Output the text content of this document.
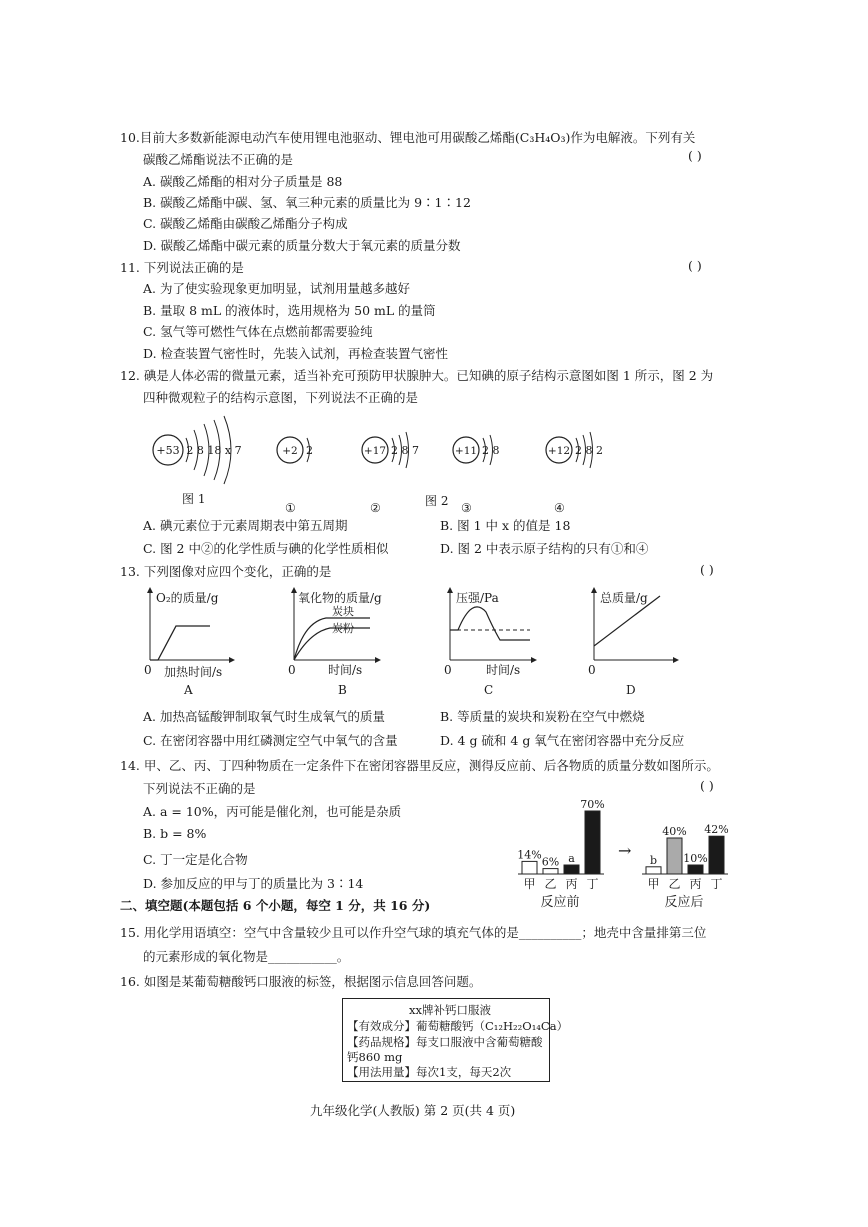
10.目前大多数新能源电动汽车使用锂电池驱动、锂电池可用碳酸乙烯酯(C₃H₄O₃)作为电解液。下列有关
碳酸乙烯酯说法不正确的是	( )
A. 碳酸乙烯酯的相对分子质量是 88
B. 碳酸乙烯酯中碳、氢、氧三种元素的质量比为 9∶1∶12
C. 碳酸乙烯酯由碳酸乙烯酯分子构成
D. 碳酸乙烯酯中碳元素的质量分数大于氧元素的质量分数
11. 下列说法正确的是	( )
A. 为了使实验现象更加明显，试剂用量越多越好
B. 量取 8 mL 的液体时，选用规格为 50 mL 的量筒
C. 氢气等可燃性气体在点燃前都需要验纯
D. 检查装置气密性时，先装入试剂，再检查装置气密性
12. 碘是人体必需的微量元素，适当补充可预防甲状腺肿大。已知碘的原子结构示意图如图 1 所示，图 2 为
四种微观粒子的结构示意图，下列说法不正确的是
+53 2 8 18 x 7
图 1	图 2
+2 2
①
+17 2 8 7
②
+11 2 8
③
+12 2 8 2
④
A. 碘元素位于元素周期表中第五周期	B. 图 1 中 x 的值是 18
C. 图 2 中②的化学性质与碘的化学性质相似	D. 图 2 中表示原子结构的只有①和④
13. 下列图像对应四个变化，正确的是	( )
O₂的质量/g
0 加热时间/s
A
氧化物的质量/g
0	时间/s
B
炭块
炭粉
压强/Pa
0	时间/s
C
总质量/g
0
D
A. 加热高锰酸钾制取氧气时生成氧气的质量	B. 等质量的炭块和炭粉在空气中燃烧
C. 在密闭容器中用红磷测定空气中氧气的含量	D. 4 g 硫和 4 g 氧气在密闭容器中充分反应
14. 甲、乙、丙、丁四种物质在一定条件下在密闭容器里反应，测得反应前、后各物质的质量分数如图所示。
下列说法不正确的是	( )
A. a = 10%，丙可能是催化剂，也可能是杂质
B. b = 8%
C. 丁一定是化合物
D. 参加反应的甲与丁的质量比为 3∶14
14%
甲
6%
乙
a
丙
70%
丁
反应前
b
甲
40%
乙
10%
丙
42%
丁
反应后
→
二、填空题(本题包括 6 个小题，每空 1 分，共 16 分)
15. 用化学用语填空：空气中含量较少且可以作升空气球的填充气体的是__________；地壳中含量排第三位
的元素形成的氧化物是___________。
16. 如图是某葡萄糖酸钙口服液的标签，根据图示信息回答问题。
xx牌补钙口服液
【有效成分】葡萄糖酸钙（C₁₂H₂₂O₁₄Ca）
【药品规格】每支口服液中含葡萄糖酸
钙860 mg
【用法用量】每次1支，每天2次
九年级化学(人教版) 第 2 页(共 4 页)
